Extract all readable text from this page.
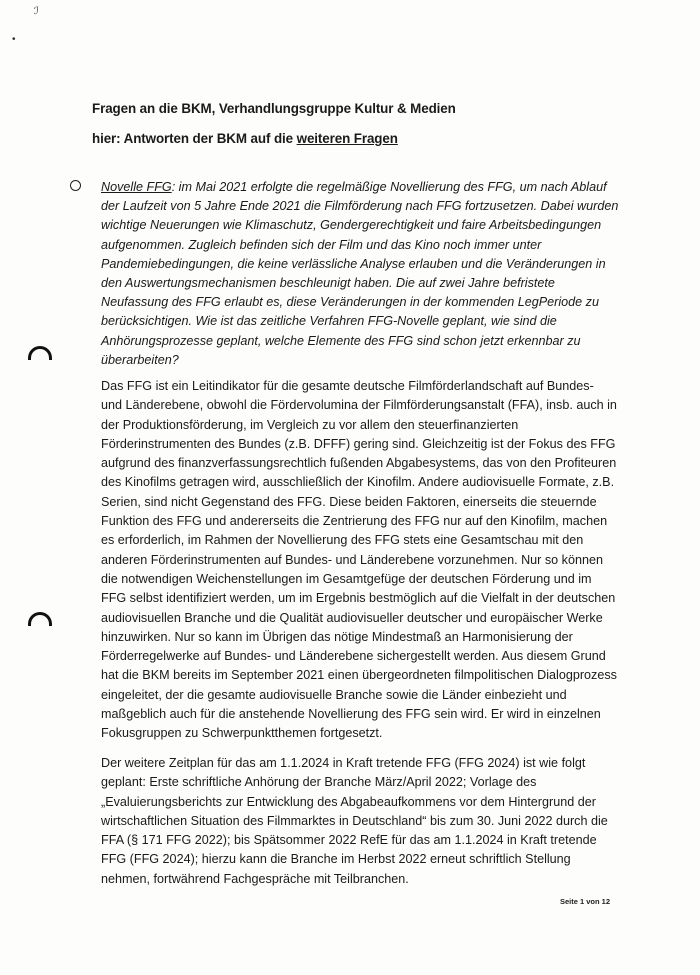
ℐ
•
Fragen an die BKM, Verhandlungsgruppe Kultur & Medien
hier: Antworten der BKM auf die weiteren Fragen
Novelle FFG: im Mai 2021 erfolgte die regelmäßige Novellierung des FFG, um nach Ablauf der Laufzeit von 5 Jahre Ende 2021 die Filmförderung nach FFG fortzusetzen. Dabei wurden wichtige Neuerungen wie Klimaschutz, Gendergerechtigkeit und faire Arbeitsbedingungen aufgenommen. Zugleich befinden sich der Film und das Kino noch immer unter Pandemiebedingungen, die keine verlässliche Analyse erlauben und die Veränderungen in den Auswertungsmechanismen beschleunigt haben. Die auf zwei Jahre befristete Neufassung des FFG erlaubt es, diese Veränderungen in der kommenden LegPeriode zu berücksichtigen. Wie ist das zeitliche Verfahren FFG-Novelle geplant, wie sind die Anhörungsprozesse geplant, welche Elemente des FFG sind schon jetzt erkennbar zu überarbeiten?
Das FFG ist ein Leitindikator für die gesamte deutsche Filmförderlandschaft auf Bundes- und Länderebene, obwohl die Fördervolumina der Filmförderungsanstalt (FFA), insb. auch in der Produktionsförderung, im Vergleich zu vor allem den steuerfinanzierten Förderinstrumenten des Bundes (z.B. DFFF) gering sind. Gleichzeitig ist der Fokus des FFG aufgrund des finanzverfassungsrechtlich fußenden Abgabesystems, das von den Profiteuren des Kinofilms getragen wird, ausschließlich der Kinofilm. Andere audiovisuelle Formate, z.B. Serien, sind nicht Gegenstand des FFG. Diese beiden Faktoren, einerseits die steuernde Funktion des FFG und andererseits die Zentrierung des FFG nur auf den Kinofilm, machen es erforderlich, im Rahmen der Novellierung des FFG stets eine Gesamtschau mit den anderen Förderinstrumenten auf Bundes- und Länderebene vorzunehmen. Nur so können die notwendigen Weichenstellungen im Gesamtgefüge der deutschen Förderung und im FFG selbst identifiziert werden, um im Ergebnis bestmöglich auf die Vielfalt in der deutschen audiovisuellen Branche und die Qualität audiovisueller deutscher und europäischer Werke hinzuwirken. Nur so kann im Übrigen das nötige Mindestmaß an Harmonisierung der Förderregelwerke auf Bundes- und Länderebene sichergestellt werden. Aus diesem Grund hat die BKM bereits im September 2021 einen übergeordneten filmpolitischen Dialogprozess eingeleitet, der die gesamte audiovisuelle Branche sowie die Länder einbezieht und maßgeblich auch für die anstehende Novellierung des FFG sein wird. Er wird in einzelnen Fokusgruppen zu Schwerpunktthemen fortgesetzt.
Der weitere Zeitplan für das am 1.1.2024 in Kraft tretende FFG (FFG 2024) ist wie folgt geplant: Erste schriftliche Anhörung der Branche März/April 2022; Vorlage des „Evaluierungsberichts zur Entwicklung des Abgabeaufkommens vor dem Hintergrund der wirtschaftlichen Situation des Filmmarktes in Deutschland“ bis zum 30. Juni 2022 durch die FFA (§ 171 FFG 2022); bis Spätsommer 2022 RefE für das am 1.1.2024 in Kraft tretende FFG (FFG 2024); hierzu kann die Branche im Herbst 2022 erneut schriftlich Stellung nehmen, fortwährend Fachgespräche mit Teilbranchen.
Seite 1 von 12
